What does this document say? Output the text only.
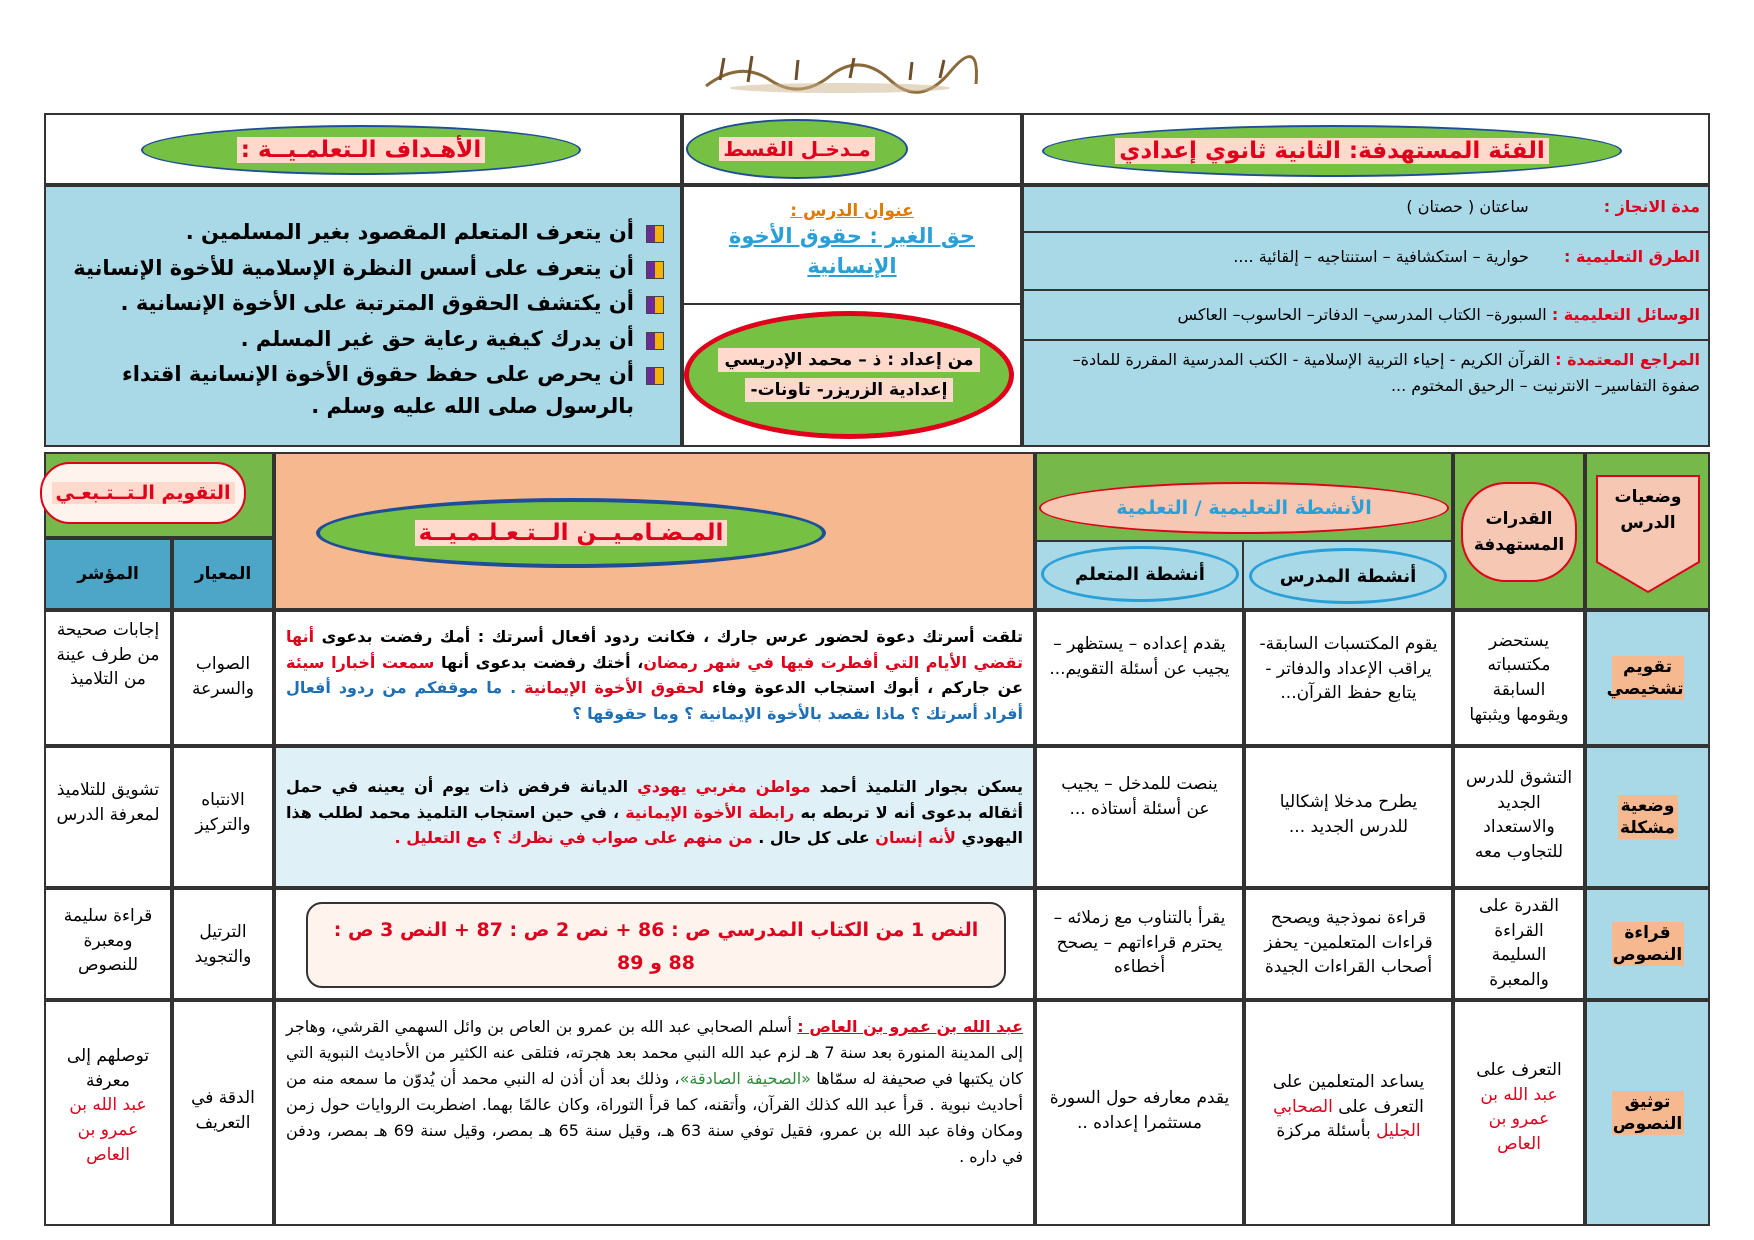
الأهـداف الـتعلمـيــة :	مـدخـل القسط	الفئة المستهدفة: الثانية ثانوي إعدادي
أن يتعرف المتعلم المقصود بغير المسلمين .
أن يتعرف على أسس النظرة الإسلامية للأخوة الإنسانية
أن يكتشف الحقوق المترتبة على الأخوة الإنسانية .
أن يدرك كيفية رعاية حق غير المسلم .
أن يحرص على حفظ حقوق الأخوة الإنسانية اقتداء بالرسول صلى الله عليه وسلم .
عنوان الدرس :
حق الغير : حقوق الأخوة الإنسانية
من إعداد : ذ – محمد الإدريسي
إعدادية الزريزر- تاونات-
مدة الانجاز : ساعتان ( حصتان )
الطرق التعليمية : حوارية – استكشافية – استنتاجيه – إلقائية ....
الوسائل التعليمية : السبورة– الكتاب المدرسي– الدفاتر– الحاسوب– العاكس
المراجع المعتمدة : القرآن الكريم - إحياء التربية الإسلامية - الكتب المدرسية المقررة للمادة– صفوة التفاسير– الانترنيت – الرحيق المختوم ...
وضعيات الدرس
القدرات المستهدفة
الأنشطة التعليمية / التعلمية
أنشطة المدرس
أنشطة المتعلم
المـضـامـيــن الــتـعـلـمـيــة
التقويم الـتــتـبعـي
المعيار
المؤشر
تقويم تشخيصي
يستحضر مكتسباته السابقة ويقومها ويثبتها
يقوم المكتسبات السابقة- يراقب الإعداد والدفاتر - يتابع حفظ القرآن...
يقدم إعداده – يستظهر – يجيب عن أسئلة التقويم...
تلقت أسرتك دعوة لحضور عرس جارك ، فكانت ردود أفعال أسرتك : أمك رفضت بدعوى أنها تقضي الأيام التي أفطرت فيها في شهر رمضان، أختك رفضت بدعوى أنها سمعت أخبارا سيئة عن جاركم ، أبوك استجاب الدعوة وفاء لحقوق الأخوة الإيمانية . ما موقفكم من ردود أفعال أفراد أسرتك ؟ ماذا نقصد بالأخوة الإيمانية ؟ وما حقوقها ؟
الصواب والسرعة
إجابات صحيحة من طرف عينة من التلاميذ
وضعية مشكلة
التشوق للدرس الجديد والاستعداد للتجاوب معه
يطرح مدخلا إشكاليا للدرس الجديد ...
ينصت للمدخل – يجيب عن أسئلة أستاذه ...
يسكن بجوار التلميذ أحمد مواطن مغربي يهودي الديانة فرفض ذات يوم أن يعينه في حمل أثقاله بدعوى أنه لا تربطه به رابطة الأخوة الإيمانية ، في حين استجاب التلميذ محمد لطلب هذا اليهودي لأنه إنسان على كل حال . من منهم على صواب في نظرك ؟ مع التعليل .
الانتباه والتركيز
تشويق للتلاميذ لمعرفة الدرس
قراءة النصوص
القدرة على القراءة السليمة والمعبرة
قراءة نموذجية ويصحح قراءات المتعلمين- يحفز أصحاب القراءات الجيدة
يقرأ بالتناوب مع زملائه – يحترم قراءاتهم – يصحح أخطاءه
النص 1 من الكتاب المدرسي ص : 86 + نص 2 ص : 87 + النص 3 ص : 88 و 89
الترتيل والتجويد
قراءة سليمة ومعبرة للنصوص
توثيق النصوص
التعرف على
عبد الله بن عمرو بن العاص
يساعد المتعلمين على التعرف على الصحابي الجليل بأسئلة مركزة
يقدم معارفه حول السورة مستثمرا إعداده ..
عبد الله بن عمرو بن العاص : أسلم الصحابي عبد الله بن عمرو بن العاص بن وائل السهمي القرشي، وهاجر إلى المدينة المنورة بعد سنة 7 هـ لزم عبد الله النبي محمد بعد هجرته، فتلقى عنه الكثير من الأحاديث النبوية التي كان يكتبها في صحيفة له سمّاها «الصحيفة الصادقة»، وذلك بعد أن أذن له النبي محمد أن يُدوّن ما سمعه منه من أحاديث نبوية . قرأ عبد الله كذلك القرآن، وأتقنه، كما قرأ التوراة، وكان عالمًا بهما. اضطربت الروايات حول زمن ومكان وفاة عبد الله بن عمرو، فقيل توفي سنة 63 هـ، وقيل سنة 65 هـ بمصر، وقيل سنة 69 هـ بمصر، ودفن في داره .
الدقة في التعريف
توصلهم إلى معرفة
عبد الله بن عمرو بن العاص
